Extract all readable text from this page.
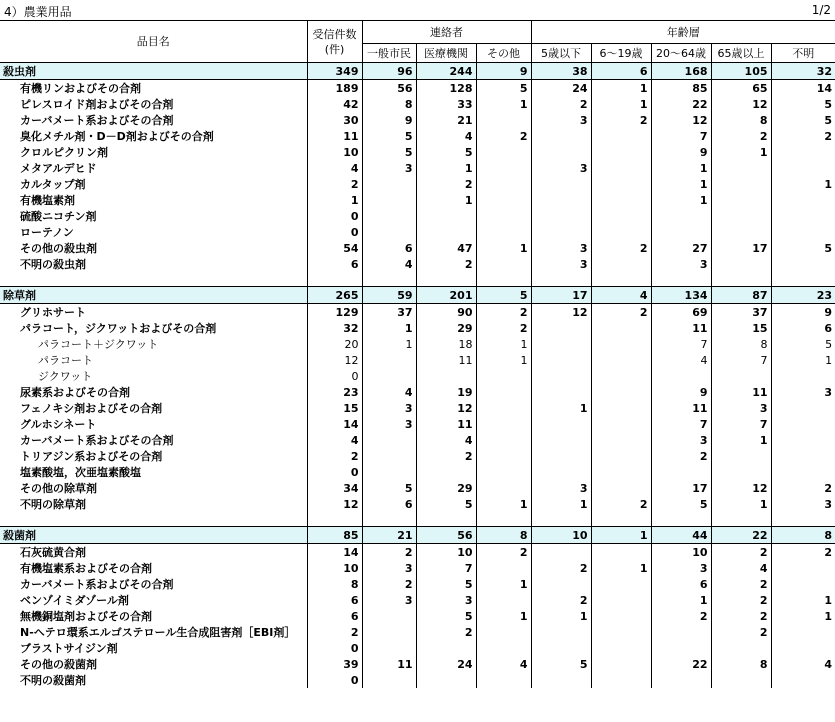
4）農業用品	1/2
品目名	受信件数
(件)	連絡者			年齢層				
		一般市民	医療機関	その他	5歳以下	6～19歳	20～64歳	65歳以上	不明
殺虫剤	349	96	244	9	38	6	168	105	32
有機リンおよびその合剤	189	56	128	5	24	1	85	65	14
ピレスロイド剤およびその合剤	42	8	33	1	2	1	22	12	5
カーバメート系およびその合剤	30	9	21		3	2	12	8	5
臭化メチル剤・D－D剤およびその合剤	11	5	4	2			7	2	2
クロルピクリン剤	10	5	5				9	1	
メタアルデヒド	4	3	1		3		1		
カルタップ剤	2		2				1		1
有機塩素剤	1		1				1		
硫酸ニコチン剤	0								
ローテノン	0								
その他の殺虫剤	54	6	47	1	3	2	27	17	5
不明の殺虫剤	6	4	2		3		3		

除草剤	265	59	201	5	17	4	134	87	23
グリホサート	129	37	90	2	12	2	69	37	9
パラコート，ジクワットおよびその合剤	32	1	29	2			11	15	6
パラコート＋ジクワット	20	1	18	1			7	8	5
パラコート	12		11	1			4	7	1
ジクワット	0								
尿素系およびその合剤	23	4	19				9	11	3
フェノキシ剤およびその合剤	15	3	12		1		11	3	
グルホシネート	14	3	11				7	7	
カーバメート系およびその合剤	4		4				3	1	
トリアジン系およびその合剤	2		2				2		
塩素酸塩，次亜塩素酸塩	0								
その他の除草剤	34	5	29		3		17	12	2
不明の除草剤	12	6	5	1	1	2	5	1	3

殺菌剤	85	21	56	8	10	1	44	22	8
石灰硫黄合剤	14	2	10	2			10	2	2
有機塩素系およびその合剤	10	3	7		2	1	3	4	
カーバメート系およびその合剤	8	2	5	1			6	2	
ベンゾイミダゾール剤	6	3	3		2		1	2	1
無機銅塩剤およびその合剤	6		5	1	1		2	2	1
N-ヘテロ環系エルゴステロール生合成阻害剤［EBI剤］	2		2					2	
ブラストサイジン剤	0								
その他の殺菌剤	39	11	24	4	5		22	8	4
不明の殺菌剤	0								
